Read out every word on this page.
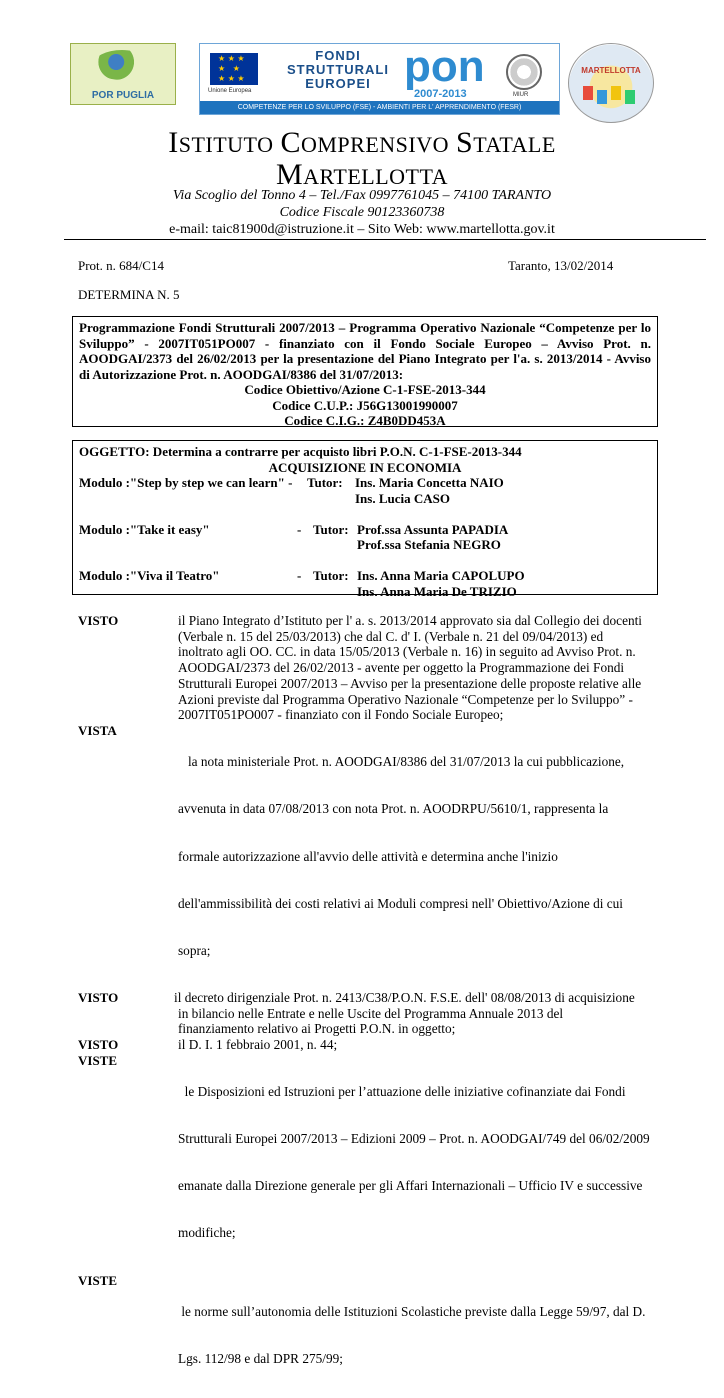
POR PUGLIA
★ ★ ★ ★ ★ ★ ★ ★	Unione Europea
FONDI STRUTTURALI EUROPEI pon
2007-2013	MIUR
COMPETENZE PER LO SVILUPPO (FSE) - AMBIENTI PER L' APPRENDIMENTO (FESR)
MARTELLOTTA
ISTITUTO COMPRENSIVO STATALE
MARTELLOTTA
Via Scoglio del Tonno 4 – Tel./Fax 0997761045 – 74100 TARANTO
Codice Fiscale 90123360738
e-mail: taic81900d@istruzione.it – Sito Web: www.martellotta.gov.it
Prot. n. 684/C14	Taranto, 13/02/2014
DETERMINA N. 5
Programmazione Fondi Strutturali 2007/2013 – Programma Operativo Nazionale “Competenze per lo Sviluppo” - 2007IT051PO007 - finanziato con il Fondo Sociale Europeo – Avviso Prot. n. AOODGAI/2373 del 26/02/2013 per la presentazione del Piano Integrato per l'a. s. 2013/2014 - Avviso di Autorizzazione Prot. n. AOODGAI/8386 del 31/07/2013:
Codice Obiettivo/Azione C-1-FSE-2013-344
Codice C.U.P.: J56G13001990007
Codice C.I.G.: Z4B0DD453A
OGGETTO: Determina a contrarre per acquisto libri P.O.N. C-1-FSE-2013-344
ACQUISIZIONE IN ECONOMIA
Modulo :"Step by step we can learn" - Tutor: Ins. Maria Concetta NAIO
Ins. Lucia CASO
Modulo :"Take it easy"	- Tutor: Prof.ssa Assunta PAPADIA
Prof.ssa Stefania NEGRO
Modulo :"Viva il Teatro"	- Tutor: Ins. Anna Maria CAPOLUPO
Ins. Anna Maria De TRIZIO
VISTO	il Piano Integrato d’Istituto per l' a. s. 2013/2014 approvato sia dal Collegio dei docenti
(Verbale n. 15 del 25/03/2013) che dal C. d' I. (Verbale n. 21 del 09/04/2013) ed
inoltrato agli OO. CC. in data 15/05/2013 (Verbale n. 16) in seguito ad Avviso Prot. n.
AOODGAI/2373 del 26/02/2013 - avente per oggetto la Programmazione dei Fondi
Strutturali Europei 2007/2013 – Avviso per la presentazione delle proposte relative alle
Azioni previste dal Programma Operativo Nazionale “Competenze per lo Sviluppo” -
2007IT051PO007 - finanziato con il Fondo Sociale Europeo;
VISTA

la nota ministeriale Prot. n. AOODGAI/8386 del 31/07/2013 la cui pubblicazione,

avvenuta in data 07/08/2013 con nota Prot. n. AOODRPU/5610/1, rappresenta la

formale autorizzazione all'avvio delle attività e determina anche l'inizio

dell'ammissibilità dei costi relativi ai Moduli compresi nell' Obiettivo/Azione di cui

sopra;

VISTO	il decreto dirigenziale Prot. n. 2413/C38/P.O.N. F.S.E. dell' 08/08/2013 di acquisizione
in bilancio nelle Entrate e nelle Uscite del Programma Annuale 2013 del
finanziamento relativo ai Progetti P.O.N. in oggetto;
VISTO	il D. I. 1 febbraio 2001, n. 44;
VISTE

le Disposizioni ed Istruzioni per l’attuazione delle iniziative cofinanziate dai Fondi

Strutturali Europei 2007/2013 – Edizioni 2009 – Prot. n. AOODGAI/749 del 06/02/2009

emanate dalla Direzione generale per gli Affari Internazionali – Ufficio IV e successive

modifiche;

VISTE

le norme sull’autonomia delle Istituzioni Scolastiche previste dalla Legge 59/97, dal D.

Lgs. 112/98 e dal DPR 275/99;
